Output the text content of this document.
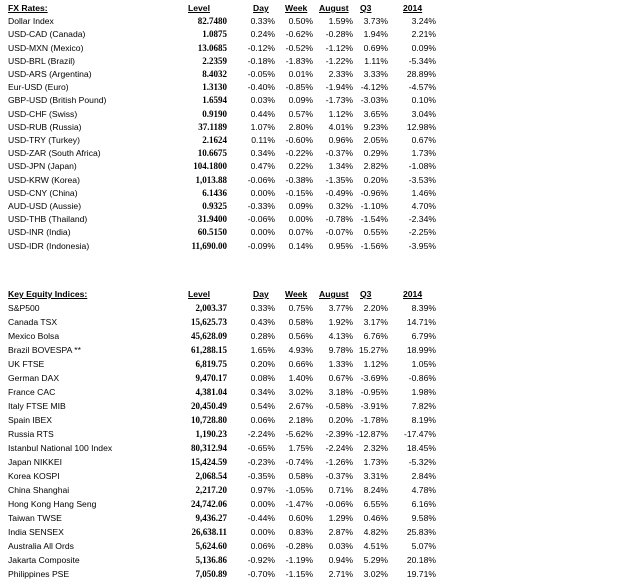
FX Rates:	Level	Day Week August Q3	2014
Dollar Index	82.7480	0.33%	0.50%	1.59%	3.73%	3.24%
USD-CAD (Canada)	1.0875	0.24%	-0.62%	-0.28%	1.94%	2.21%
USD-MXN (Mexico)	13.0685	-0.12%	-0.52%	-1.12%	0.69%	0.09%
USD-BRL (Brazil)	2.2359	-0.18%	-1.83%	-1.22%	1.11%	-5.34%
USD-ARS (Argentina)	8.4032	-0.05%	0.01%	2.33%	3.33%	28.89%
Eur-USD (Euro)	1.3130	-0.40%	-0.85%	-1.94% -4.12%	-4.57%
GBP-USD (British Pound)	1.6594	0.03%	0.09%	-1.73% -3.03%	0.10%
USD-CHF (Swiss)	0.9190	0.44%	0.57%	1.12%	3.65%	3.04%
USD-RUB (Russia)	37.1189	1.07%	2.80%	4.01%	9.23%	12.98%
USD-TRY (Turkey)	2.1624	0.11%	-0.60%	0.96%	2.05%	0.67%
USD-ZAR (South Africa)	10.6675	0.34%	-0.22%	-0.37%	0.29%	1.73%
USD-JPN (Japan)	104.1800	0.47%	0.22%	1.34%	2.82%	-1.08%
USD-KRW (Korea)	1,013.88	-0.06%	-0.38%	-1.35%	0.20%	-3.53%
USD-CNY (China)	6.1436	0.00%	-0.15%	-0.49% -0.96%	1.46%
AUD-USD (Aussie)	0.9325	-0.33%	0.09%	0.32% -1.10%	4.70%
USD-THB (Thailand)	31.9400	-0.06%	0.00%	-0.78% -1.54%	-2.34%
USD-INR (India)	60.5150	0.00%	0.07%	-0.07%	0.55%	-2.25%
USD-IDR (Indonesia)	11,690.00	-0.09%	0.14%	0.95% -1.56%	-3.95%
Key Equity Indices:	Level	Day Week August Q3	2014
S&P500	2,003.37	0.33%	0.75%	3.77%	2.20%	8.39%
Canada TSX	15,625.73	0.43%	0.58%	1.92%	3.17%	14.71%
Mexico Bolsa	45,628.09	0.28%	0.56%	4.13%	6.76%	6.79%
Brazil BOVESPA **	61,288.15	1.65%	4.93%	9.78% 15.27%	18.99%
UK FTSE	6,819.75	0.20%	0.66%	1.33%	1.12%	1.05%
German DAX	9,470.17	0.08%	1.40%	0.67% -3.69%	-0.86%
France CAC	4,381.04	0.34%	3.02%	3.18% -0.95%	1.98%
Italy FTSE MIB	20,450.49	0.54%	2.67%	-0.58% -3.91%	7.82%
Spain IBEX	10,728.80	0.06%	2.18%	0.20% -1.78%	8.19%
Russia RTS	1,190.23	-2.24%	-5.62%	-2.39% -12.87%	-17.47%
Istanbul National 100 Index	80,312.94	-0.65%	1.75%	-2.24%	2.32%	18.45%
Japan NIKKEI	15,424.59	-0.23%	-0.74%	-1.26%	1.73%	-5.32%
Korea KOSPI	2,068.54	-0.35%	0.58%	-0.37%	3.31%	2.84%
China Shanghai	2,217.20	0.97%	-1.05%	0.71%	8.24%	4.78%
Hong Kong Hang Seng	24,742.06	0.00%	-1.47%	-0.06%	6.55%	6.16%
Taiwan TWSE	9,436.27	-0.44%	0.60%	1.29%	0.46%	9.58%
India SENSEX	26,638.11	0.00%	0.83%	2.87%	4.82%	25.83%
Australia All Ords	5,624.60	0.06%	-0.28%	0.03%	4.51%	5.07%
Jakarta Composite	5,136.86	-0.92%	-1.19%	0.94%	5.29%	20.18%
Philippines PSE	7,050.89	-0.70%	-1.15%	2.71%	3.02%	19.71%
